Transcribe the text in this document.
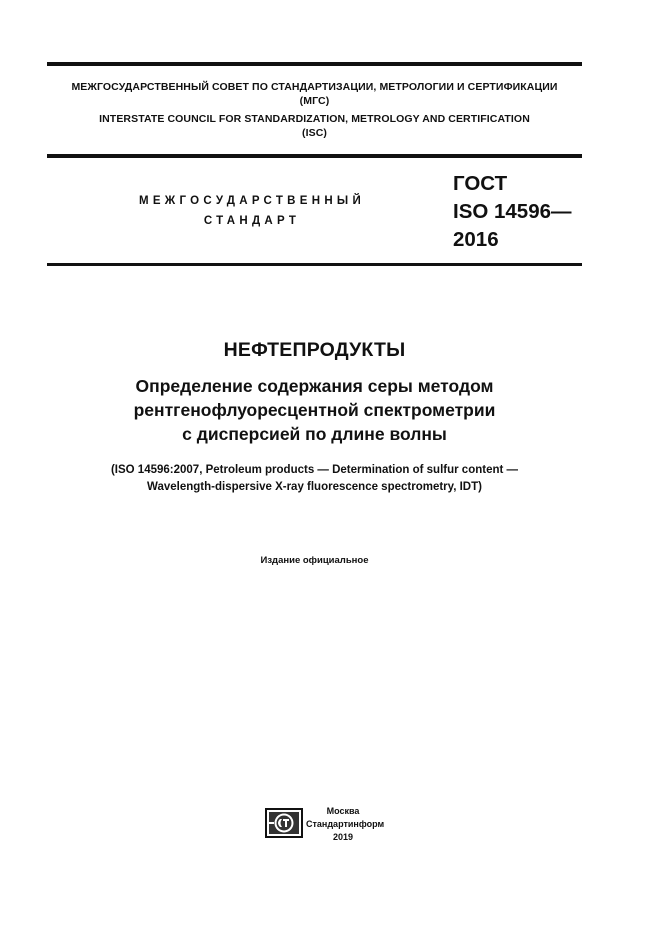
МЕЖГОСУДАРСТВЕННЫЙ СОВЕТ ПО СТАНДАРТИЗАЦИИ, МЕТРОЛОГИИ И СЕРТИФИКАЦИИ
(МГС)
INTERSTATE COUNCIL FOR STANDARDIZATION, METROLOGY AND CERTIFICATION
(ISC)
МЕЖГОСУДАРСТВЕННЫЙ
СТАНДАРТ
ГОСТ
ISO 14596—
2016
НЕФТЕПРОДУКТЫ
Определение содержания серы методом
рентгенофлуоресцентной спектрометрии
с дисперсией по длине волны
(ISO 14596:2007, Petroleum products — Determination of sulfur content —
Wavelength-dispersive X-ray fluorescence spectrometry, IDT)
Издание официальное
Москва
Стандартинформ
2019
